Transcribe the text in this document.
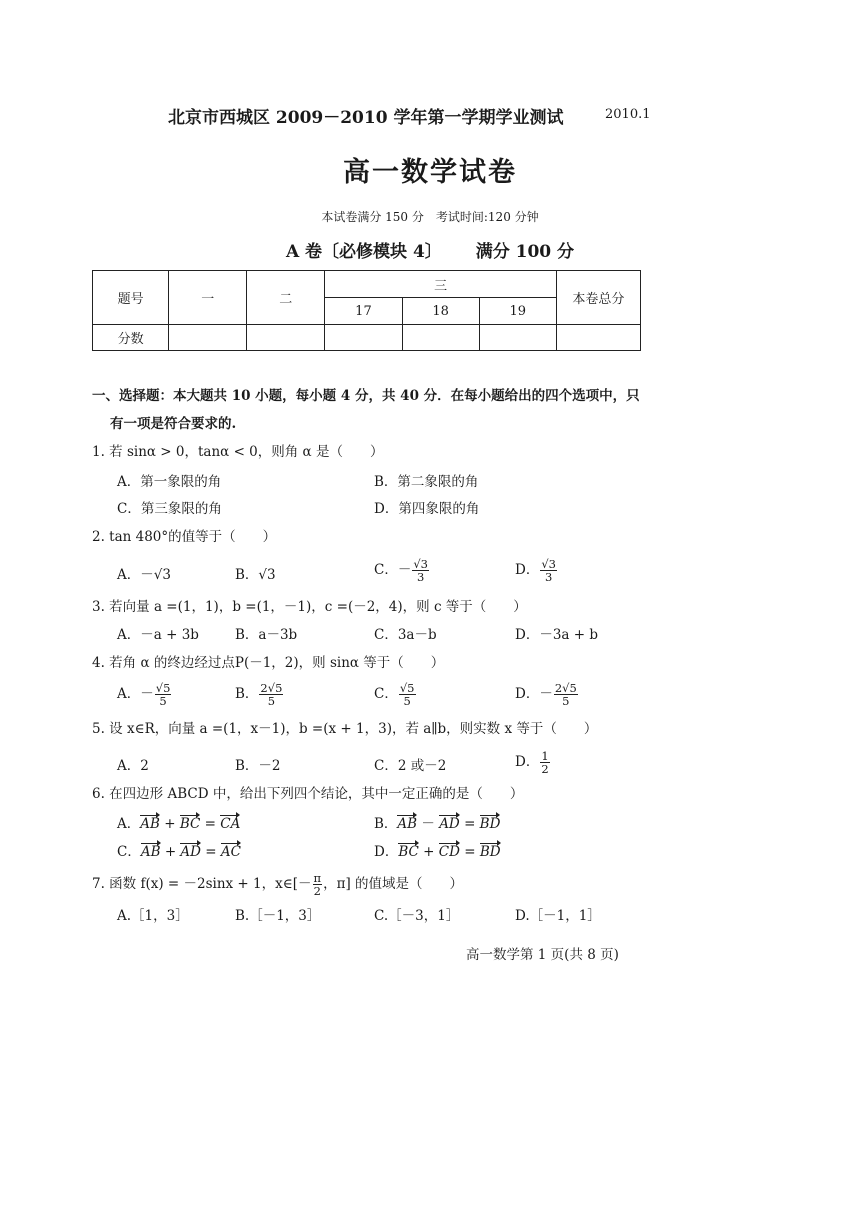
北京市西城区 2009－2010 学年第一学期学业测试	2010.1
高一数学试卷
本试卷满分 150 分　考试时间:120 分钟
A 卷〔必修模块 4〕 满分 100 分
题号	一	二	三			本卷总分
			17	18	19	
分数						
一、选择题：本大题共 10 小题，每小题 4 分，共 40 分．在每小题给出的四个选项中，只
有一项是符合要求的.
1. 若 sinα > 0，tanα < 0，则角 α 是（　　）
A．第一象限的角	B．第二象限的角
C．第三象限的角	D．第四象限的角
2. tan 480°的值等于（　　）
A．－√3	B．√3	C．－ $\frac{√3}{3}$	D． $\frac{√3}{3}$
3. 若向量 a =(1，1)，b =(1，－1)，c =(－2，4)，则 c 等于（　　）
A．－a + 3b	B．a－3b	C．3a－b	D．－3a + b
4. 若角 α 的终边经过点P(－1，2)，则 sinα 等于（　　）
A．－ $\frac{√5}{5}$	B． $\frac{2√5}{5}$	C． $\frac{√5}{5}$	D．－ $\frac{2√5}{5}$
5. 设 x∈R，向量 a =(1，x－1)，b =(x + 1，3)，若 a∥b，则实数 x 等于（　　）
A．2	B．－2	C．2 或－2	D． $\frac{1}{2}$
6. 在四边形 ABCD 中，给出下列四个结论，其中一定正确的是（　　）
A．AB + BC = CA	B．AB － AD = BD
C．AB + AD = AC	D．BC + CD = BD
7. 函数 f(x) = －2sinx + 1，x∈[－ $\frac{\pi}{2}$ ，π] 的值域是（　　）
A.［1，3］	B.［－1，3］	C.［－3，1］	D.［－1，1］
高一数学第 1 页(共 8 页)
